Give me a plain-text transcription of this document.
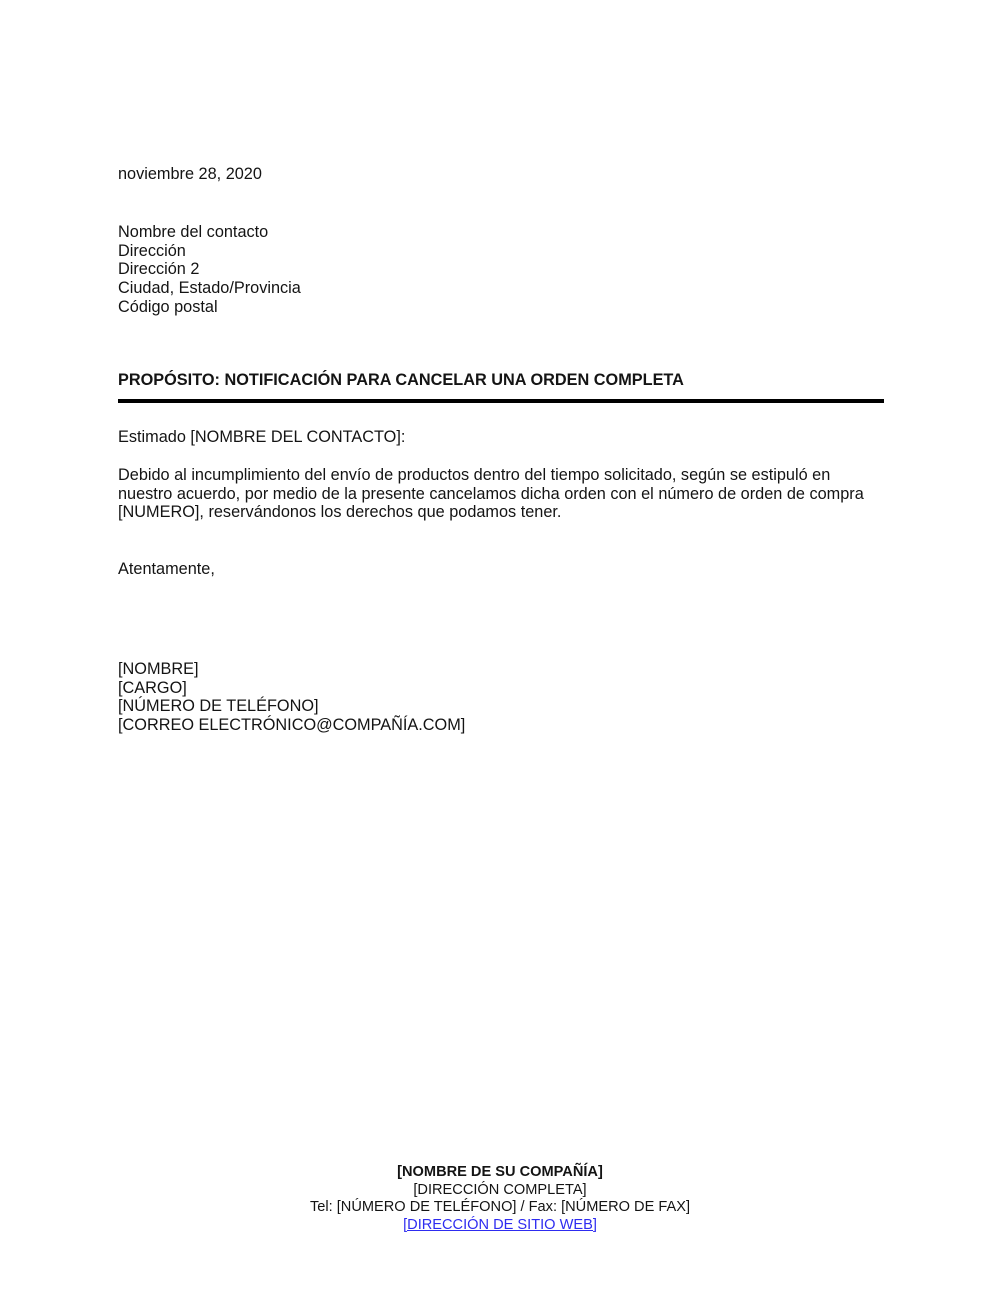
noviembre 28, 2020
Nombre del contacto
Dirección
Dirección 2
Ciudad, Estado/Provincia
Código postal
PROPÓSITO: NOTIFICACIÓN PARA CANCELAR UNA ORDEN COMPLETA
Estimado [NOMBRE DEL CONTACTO]:
Debido al incumplimiento del envío de productos dentro del tiempo solicitado, según se estipuló en nuestro acuerdo, por medio de la presente cancelamos dicha orden con el número de orden de compra [NUMERO], reservándonos los derechos que podamos tener.
Atentamente,
[NOMBRE]
[CARGO]
[NÚMERO DE TELÉFONO]
[CORREO ELECTRÓNICO@COMPAÑÍA.COM]
[NOMBRE DE SU COMPAÑÍA]
[DIRECCIÓN COMPLETA]
Tel: [NÚMERO DE TELÉFONO] / Fax: [NÚMERO DE FAX]
[DIRECCIÓN DE SITIO WEB]
